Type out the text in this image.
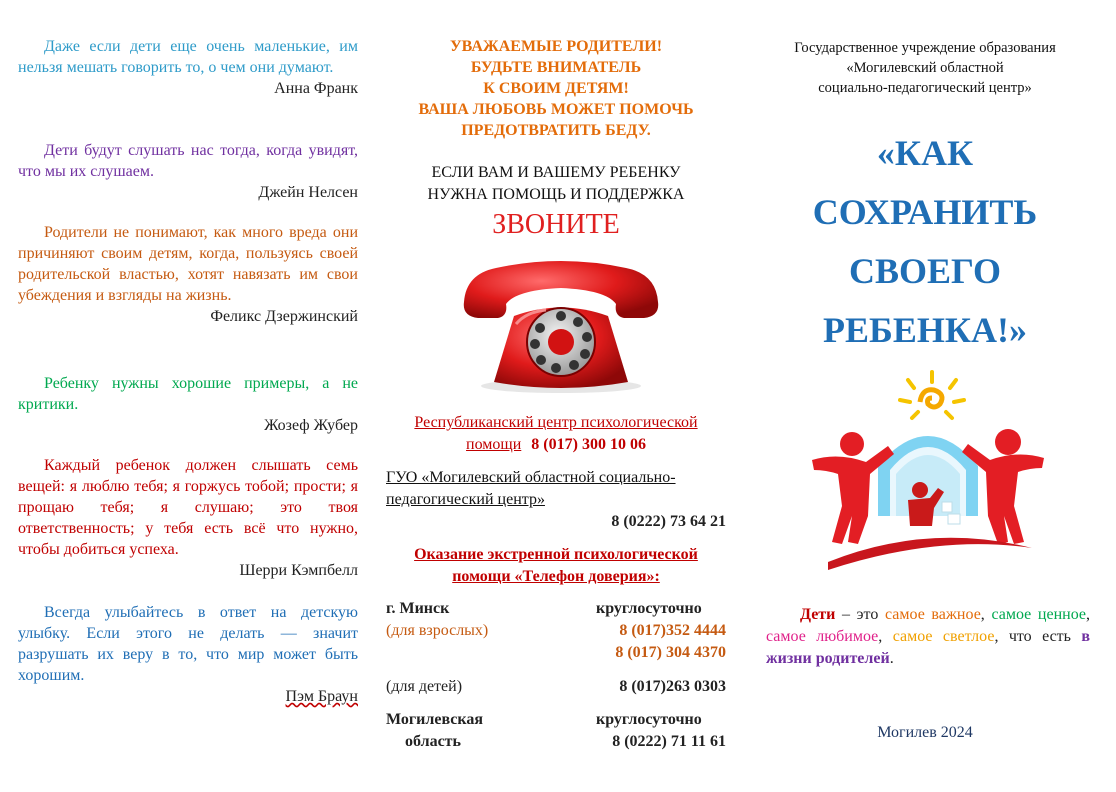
Даже если дети еще очень маленькие, им нельзя мешать говорить то, о чем они думают.
Анна Франк
Дети будут слушать нас тогда, когда увидят, что мы их слушаем.
Джейн Нелсен
Родители не понимают, как много вреда они причиняют своим детям, когда, пользуясь своей родительской властью, хотят навязать им свои убеждения и взгляды на жизнь.
Феликс Дзержинский
Ребенку нужны хорошие примеры, а не критики.
Жозеф Жубер
Каждый ребенок должен слышать семь вещей: я люблю тебя; я горжусь тобой; прости; я прощаю тебя; я слушаю; это твоя ответственность; у тебя есть всё что нужно, чтобы добиться успеха.
Шерри Кэмпбелл
Всегда улыбайтесь в ответ на детскую улыбку. Если этого не делать — значит разрушать их веру в то, что мир может быть хорошим.
Пэм Браун
УВАЖАЕМЫЕ РОДИТЕЛИ!
БУДЬТЕ ВНИМАТЕЛЬ
К СВОИМ ДЕТЯМ!
ВАША ЛЮБОВЬ МОЖЕТ ПОМОЧЬ
ПРЕДОТВРАТИТЬ БЕДУ.
ЕСЛИ ВАМ И ВАШЕМУ РЕБЕНКУ
НУЖНА ПОМОЩЬ И ПОДДЕРЖКА
ЗВОНИТЕ
Республиканский центр психологической помощи 8 (017) 300 10 06
ГУО «Могилевский областной социально-педагогический центр»
8 (0222) 73 64 21
Оказание экстренной психологической помощи «Телефон доверия»:
г. Минск	круглосуточно
(для взрослых)	8 (017)352 4444
8 (017) 304 4370
(для детей)	8 (017)263 0303
Могилевская	круглосуточно
область	8 (0222) 71 11 61
Государственное учреждение образования
«Могилевский областной
социально-педагогический центр»
«КАК
СОХРАНИТЬ
СВОЕГО
РЕБЕНКА!»
Дети – это самое важное, самое ценное, самое любимое, самое светлое, что есть в жизни родителей.
Могилев 2024
